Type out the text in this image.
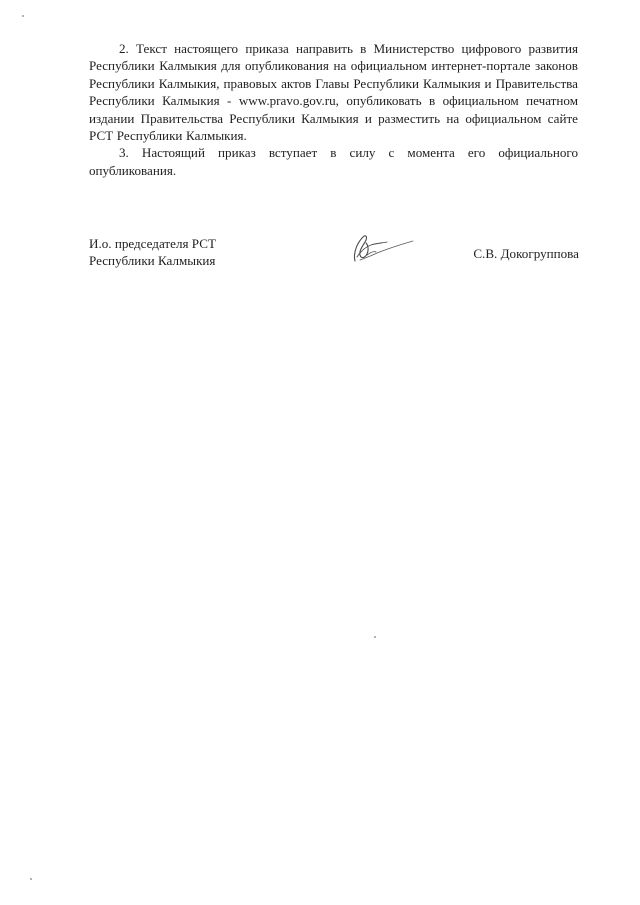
2. Текст настоящего приказа направить в Министерство цифрового развития Республики Калмыкия для опубликования на официальном интернет-портале законов Республики Калмыкия, правовых актов Главы Республики Калмыкия и Правительства Республики Калмыкия - www.pravo.gov.ru, опубликовать в официальном печатном издании Правительства Республики Калмыкия и разместить на официальном сайте РСТ Республики Калмыкия.

3. Настоящий приказ вступает в силу с момента его официального опубликования.

И.о. председателя РСТ
Республики Калмыкия	С.В. Докогруппова
